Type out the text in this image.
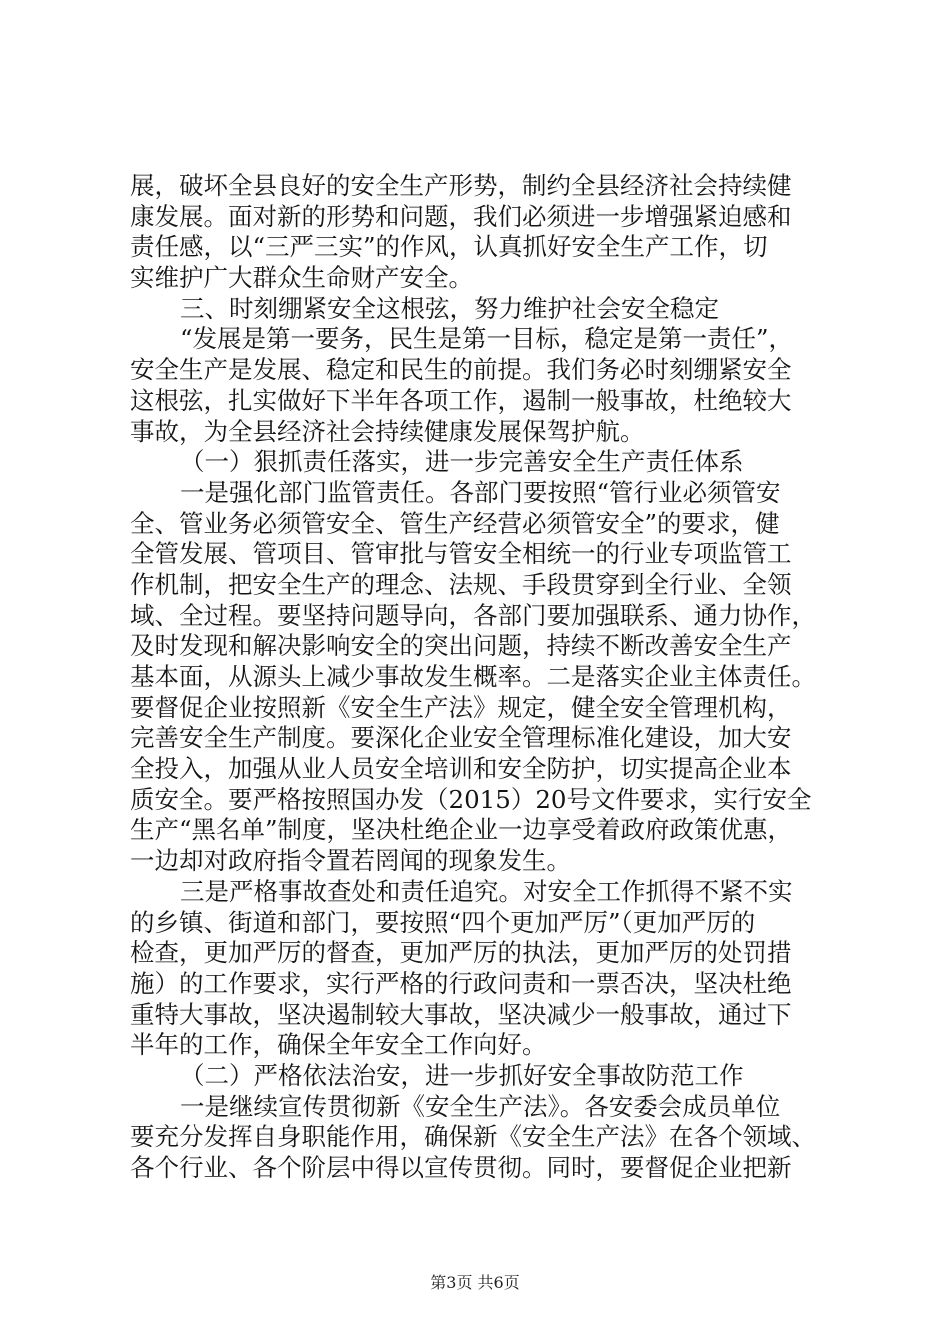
展，破坏全县良好的安全生产形势，制约全县经济社会持续健
康发展。面对新的形势和问题，我们必须进一步增强紧迫感和
责任感，以“三严三实”的作风，认真抓好安全生产工作，切
实维护广大群众生命财产安全。
三、时刻绷紧安全这根弦，努力维护社会安全稳定
“发展是第一要务，民生是第一目标，稳定是第一责任”，
安全生产是发展、稳定和民生的前提。我们务必时刻绷紧安全
这根弦，扎实做好下半年各项工作，遏制一般事故，杜绝较大
事故，为全县经济社会持续健康发展保驾护航。
（一）狠抓责任落实，进一步完善安全生产责任体系
一是强化部门监管责任。各部门要按照“管行业必须管安
全、管业务必须管安全、管生产经营必须管安全”的要求，健
全管发展、管项目、管审批与管安全相统一的行业专项监管工
作机制，把安全生产的理念、法规、手段贯穿到全行业、全领
域、全过程。要坚持问题导向，各部门要加强联系、通力协作，
及时发现和解决影响安全的突出问题，持续不断改善安全生产
基本面，从源头上减少事故发生概率。二是落实企业主体责任。
要督促企业按照新《安全生产法》规定，健全安全管理机构，
完善安全生产制度。要深化企业安全管理标准化建设，加大安
全投入，加强从业人员安全培训和安全防护，切实提高企业本
质安全。要严格按照国办发（2015）20号文件要求，实行安全
生产“黑名单”制度，坚决杜绝企业一边享受着政府政策优惠，
一边却对政府指令置若罔闻的现象发生。
三是严格事故查处和责任追究。对安全工作抓得不紧不实
的乡镇、街道和部门，要按照“四个更加严厉”（更加严厉的
检查，更加严厉的督查，更加严厉的执法，更加严厉的处罚措
施）的工作要求，实行严格的行政问责和一票否决，坚决杜绝
重特大事故，坚决遏制较大事故，坚决减少一般事故，通过下
半年的工作，确保全年安全工作向好。
（二）严格依法治安，进一步抓好安全事故防范工作
一是继续宣传贯彻新《安全生产法》。各安委会成员单位
要充分发挥自身职能作用，确保新《安全生产法》在各个领域、
各个行业、各个阶层中得以宣传贯彻。同时，要督促企业把新
第3页 共6页
